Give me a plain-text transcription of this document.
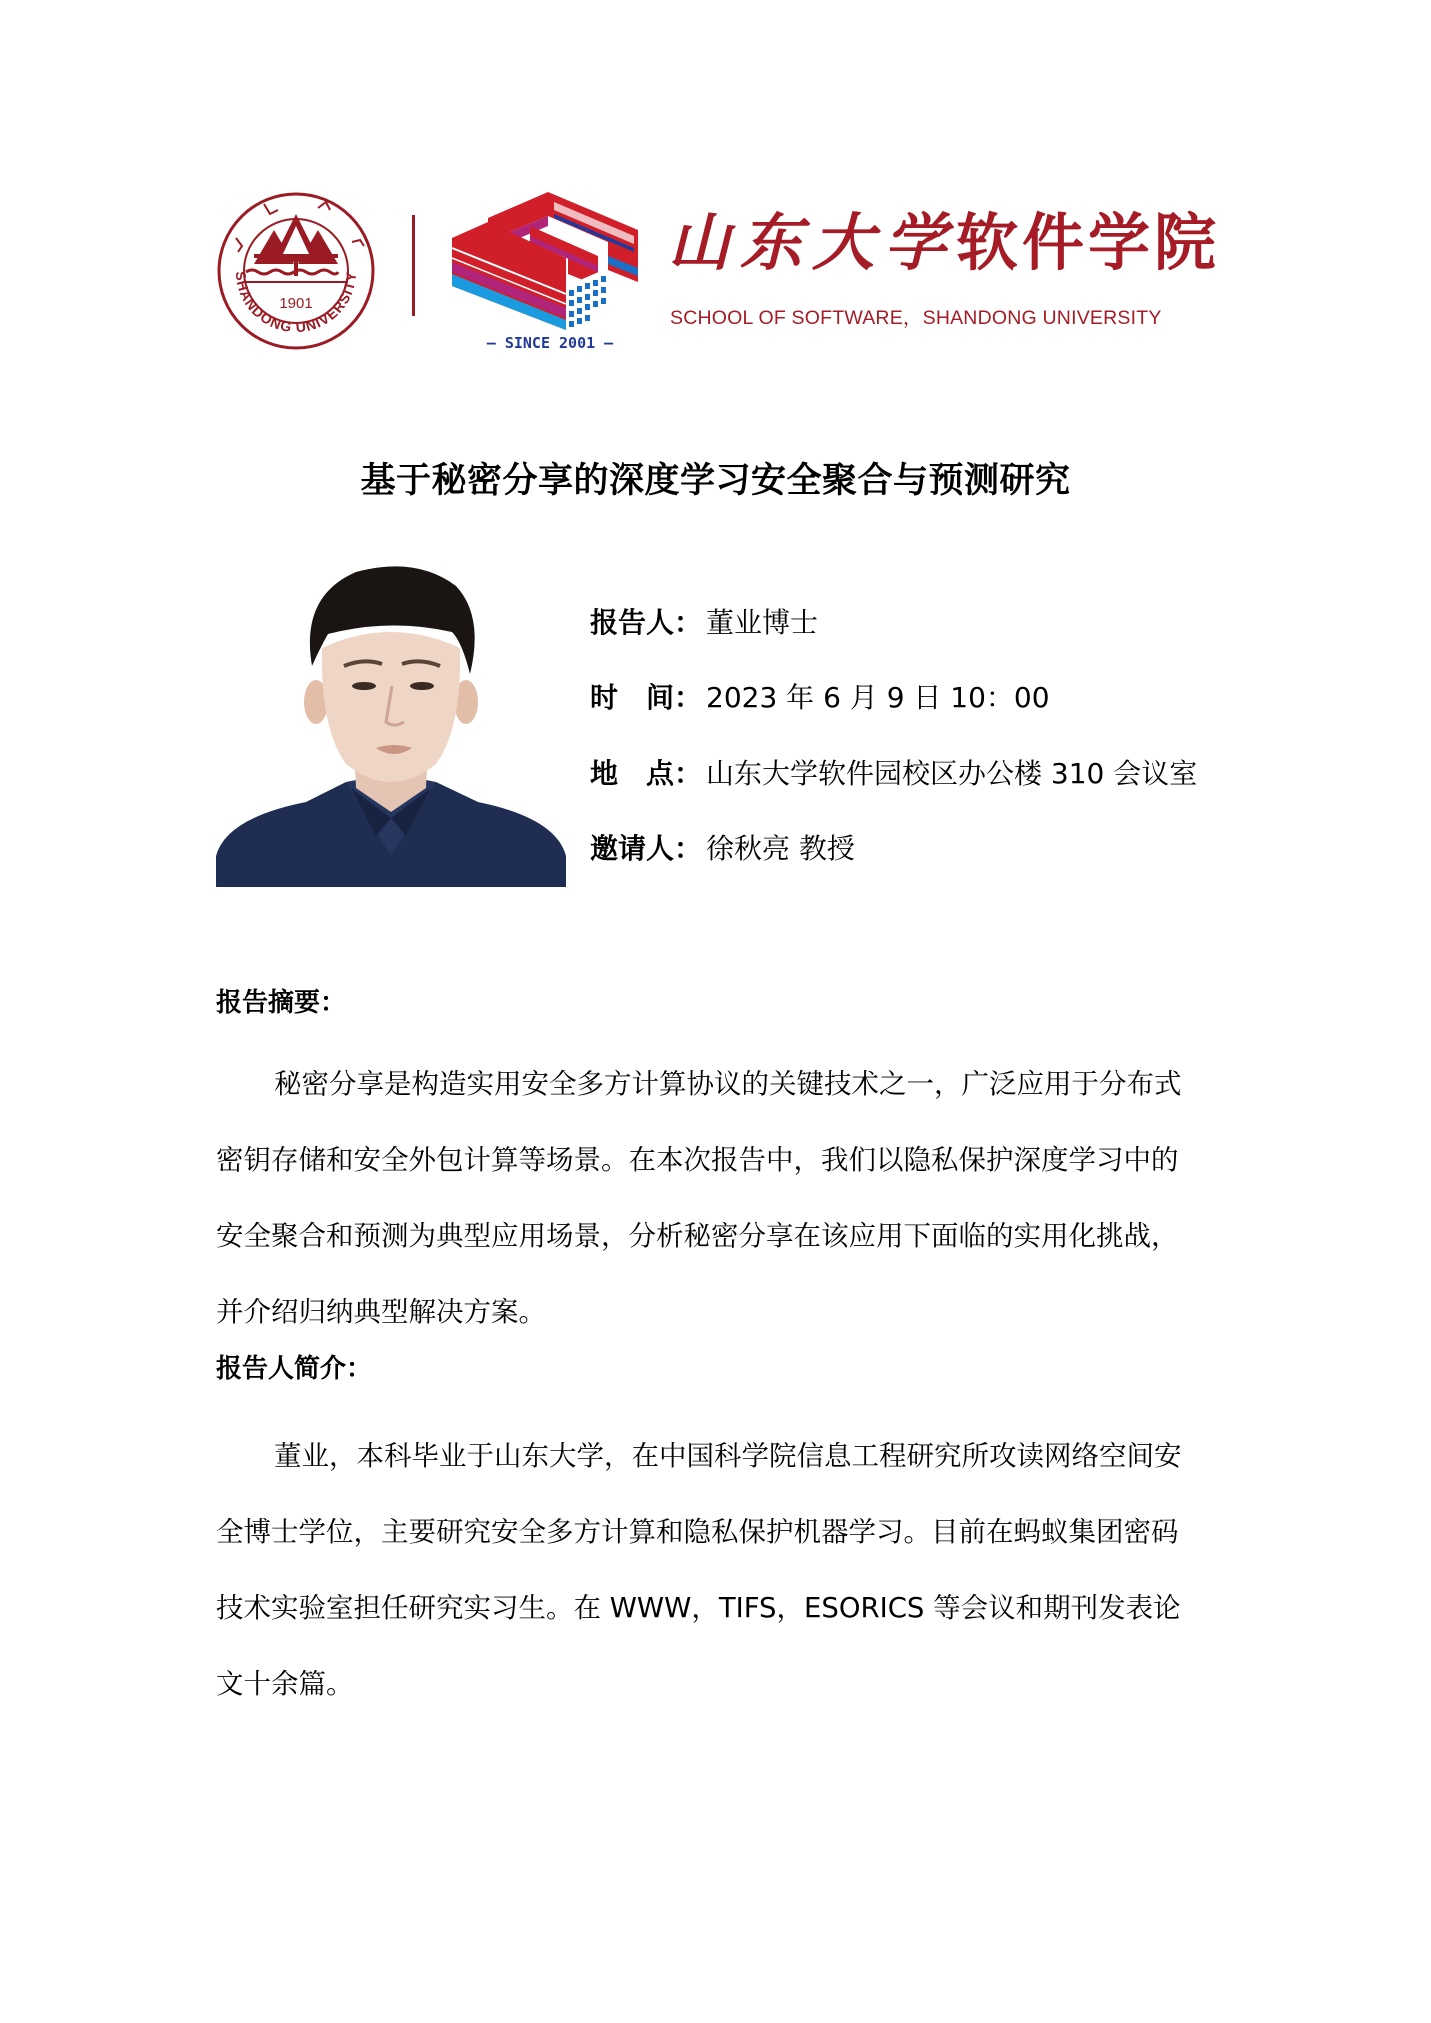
1901
SHANDONG UNIVERSITY
— SINCE 2001 —
山东大学软件学院
SCHOOL OF SOFTWARE，SHANDONG UNIVERSITY
基于秘密分享的深度学习安全聚合与预测研究
报告人： 董业博士
时　间： 2023 年 6 月 9 日 10：00
地　点： 山东大学软件园校区办公楼 310 会议室
邀请人： 徐秋亮 教授
报告摘要：
秘密分享是构造实用安全多方计算协议的关键技术之一，广泛应用于分布式
密钥存储和安全外包计算等场景。在本次报告中，我们以隐私保护深度学习中的
安全聚合和预测为典型应用场景，分析秘密分享在该应用下面临的实用化挑战，
并介绍归纳典型解决方案。
报告人简介：
董业，本科毕业于山东大学，在中国科学院信息工程研究所攻读网络空间安
全博士学位，主要研究安全多方计算和隐私保护机器学习。目前在蚂蚁集团密码
技术实验室担任研究实习生。在 WWW，TIFS，ESORICS 等会议和期刊发表论
文十余篇。
